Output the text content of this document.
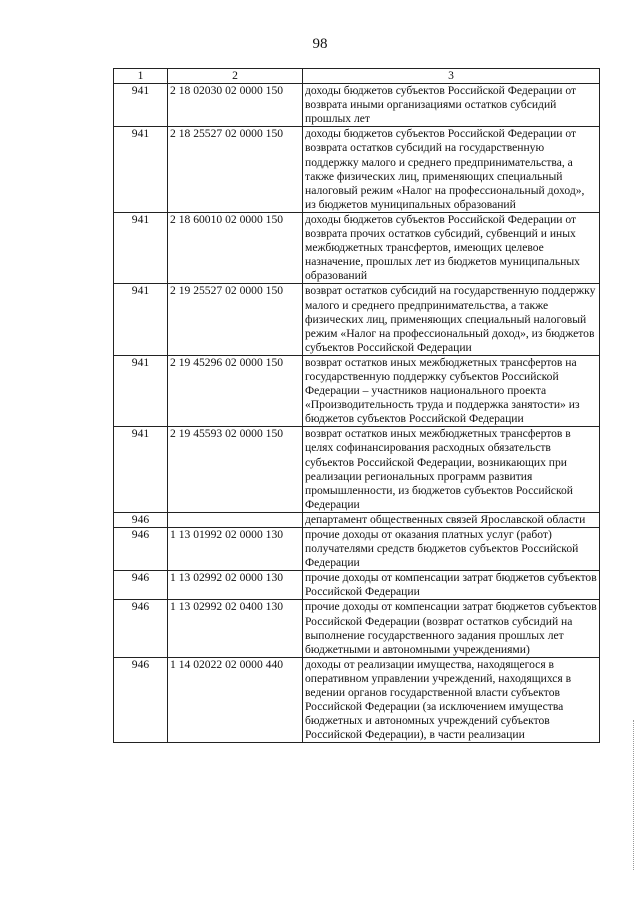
98
1	2	3
941	2 18 02030 02 0000 150	доходы бюджетов субъектов Российской Федерации от возврата иными организациями остатков субсидий прошлых лет
941	2 18 25527 02 0000 150	доходы бюджетов субъектов Российской Федерации от возврата остатков субсидий на государственную поддержку малого и среднего предпринимательства, а также физических лиц, применяющих специальный налоговый режим «Налог на профессиональный доход», из бюджетов муниципальных образований
941	2 18 60010 02 0000 150	доходы бюджетов субъектов Российской Федерации от возврата прочих остатков субсидий, субвенций и иных межбюджетных трансфертов, имеющих целевое назначение, прошлых лет из бюджетов муниципальных образований
941	2 19 25527 02 0000 150	возврат остатков субсидий на государственную поддержку малого и среднего предпринимательства, а также физических лиц, применяющих специальный налоговый режим «Налог на профессиональный доход», из бюджетов субъектов Российской Федерации
941	2 19 45296 02 0000 150	возврат остатков иных межбюджетных трансфертов на государственную поддержку субъектов Российской Федерации – участников национального проекта «Производительность труда и поддержка занятости» из бюджетов субъектов Российской Федерации
941	2 19 45593 02 0000 150	возврат остатков иных межбюджетных трансфертов в целях софинансирования расходных обязательств субъектов Российской Федерации, возникающих при реализации региональных программ развития промышленности, из бюджетов субъектов Российской Федерации
946		департамент общественных связей Ярославской области
946	1 13 01992 02 0000 130	прочие доходы от оказания платных услуг (работ) получателями средств бюджетов субъектов Российской Федерации
946	1 13 02992 02 0000 130	прочие доходы от компенсации затрат бюджетов субъектов Российской Федерации
946	1 13 02992 02 0400 130	прочие доходы от компенсации затрат бюджетов субъектов Российской Федерации (возврат остатков субсидий на выполнение государственного задания прошлых лет бюджетными и автономными учреждениями)
946	1 14 02022 02 0000 440	доходы от реализации имущества, находящегося в оперативном управлении учреждений, находящихся в ведении органов государственной власти субъектов Российской Федерации (за исключением имущества бюджетных и автономных учреждений субъектов Российской Федерации), в части реализации
